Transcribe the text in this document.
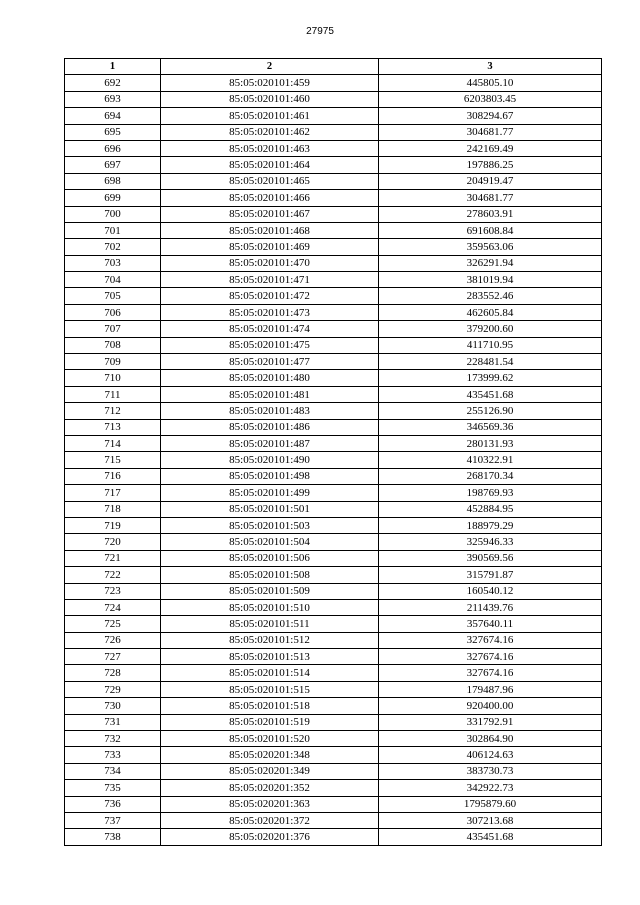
27975
1	2	3
692	85:05:020101:459	445805.10
693	85:05:020101:460	6203803.45
694	85:05:020101:461	308294.67
695	85:05:020101:462	304681.77
696	85:05:020101:463	242169.49
697	85:05:020101:464	197886.25
698	85:05:020101:465	204919.47
699	85:05:020101:466	304681.77
700	85:05:020101:467	278603.91
701	85:05:020101:468	691608.84
702	85:05:020101:469	359563.06
703	85:05:020101:470	326291.94
704	85:05:020101:471	381019.94
705	85:05:020101:472	283552.46
706	85:05:020101:473	462605.84
707	85:05:020101:474	379200.60
708	85:05:020101:475	411710.95
709	85:05:020101:477	228481.54
710	85:05:020101:480	173999.62
711	85:05:020101:481	435451.68
712	85:05:020101:483	255126.90
713	85:05:020101:486	346569.36
714	85:05:020101:487	280131.93
715	85:05:020101:490	410322.91
716	85:05:020101:498	268170.34
717	85:05:020101:499	198769.93
718	85:05:020101:501	452884.95
719	85:05:020101:503	188979.29
720	85:05:020101:504	325946.33
721	85:05:020101:506	390569.56
722	85:05:020101:508	315791.87
723	85:05:020101:509	160540.12
724	85:05:020101:510	211439.76
725	85:05:020101:511	357640.11
726	85:05:020101:512	327674.16
727	85:05:020101:513	327674.16
728	85:05:020101:514	327674.16
729	85:05:020101:515	179487.96
730	85:05:020101:518	920400.00
731	85:05:020101:519	331792.91
732	85:05:020101:520	302864.90
733	85:05:020201:348	406124.63
734	85:05:020201:349	383730.73
735	85:05:020201:352	342922.73
736	85:05:020201:363	1795879.60
737	85:05:020201:372	307213.68
738	85:05:020201:376	435451.68
